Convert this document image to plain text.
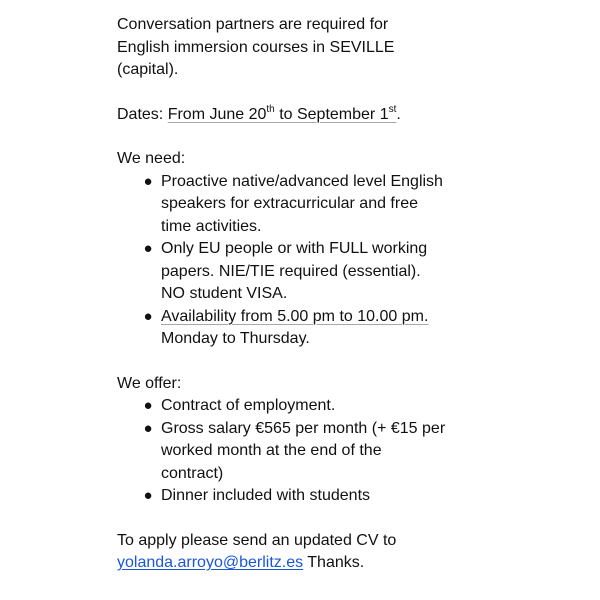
Conversation partners are required for

English immersion courses in SEVILLE

(capital).

Dates: From June 20th to September 1st.

We need:

● Proactive native/advanced level English
speakers for extracurricular and free
time activities.
● Only EU people or with FULL working
papers. NIE/TIE required (essential).
NO student VISA.
● Availability from 5.00 pm to 10.00 pm.
Monday to Thursday.

We offer:

● Contract of employment.
● Gross salary €565 per month (+ €15 per
worked month at the end of the
contract)
● Dinner included with students

To apply please send an updated CV to

yolanda.arroyo@berlitz.es Thanks.
